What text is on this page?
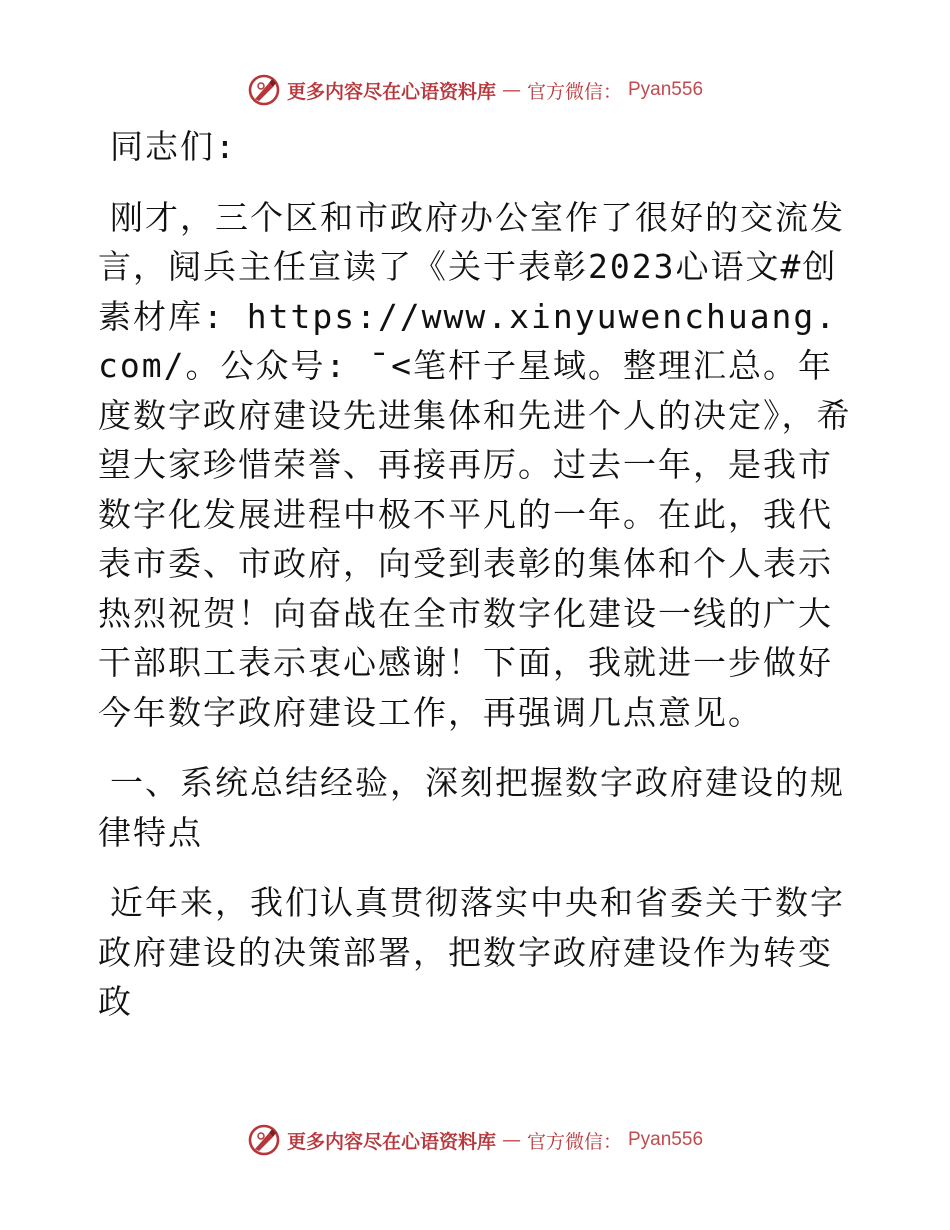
更多内容尽在心语资料库 — 官方微信： Pyan556

同志们:

刚才，三个区和市政府办公室作了很好的交流发言，阋兵主任宣读了《关于表彰2023心语文#创素材库: https://www.xinyuwenchuang.com/。公众号: ¯<笔杆子星域。整理汇总。年度数字政府建设先进集体和先进个人的决定》，希望大家珍惜荣誉、再接再厉。过去一年，是我市数字化发展进程中极不平凡的一年。在此，我代表市委、市政府，向受到表彰的集体和个人表示热烈祝贺！向奋战在全市数字化建设一线的广大干部职工表示衷心感谢！下面，我就进一步做好今年数字政府建设工作，再强调几点意见。

一、系统总结经验，深刻把握数字政府建设的规律特点

近年来，我们认真贯彻落实中央和省委关于数字政府建设的决策部署，把数字政府建设作为转变政

更多内容尽在心语资料库 — 官方微信： Pyan556
